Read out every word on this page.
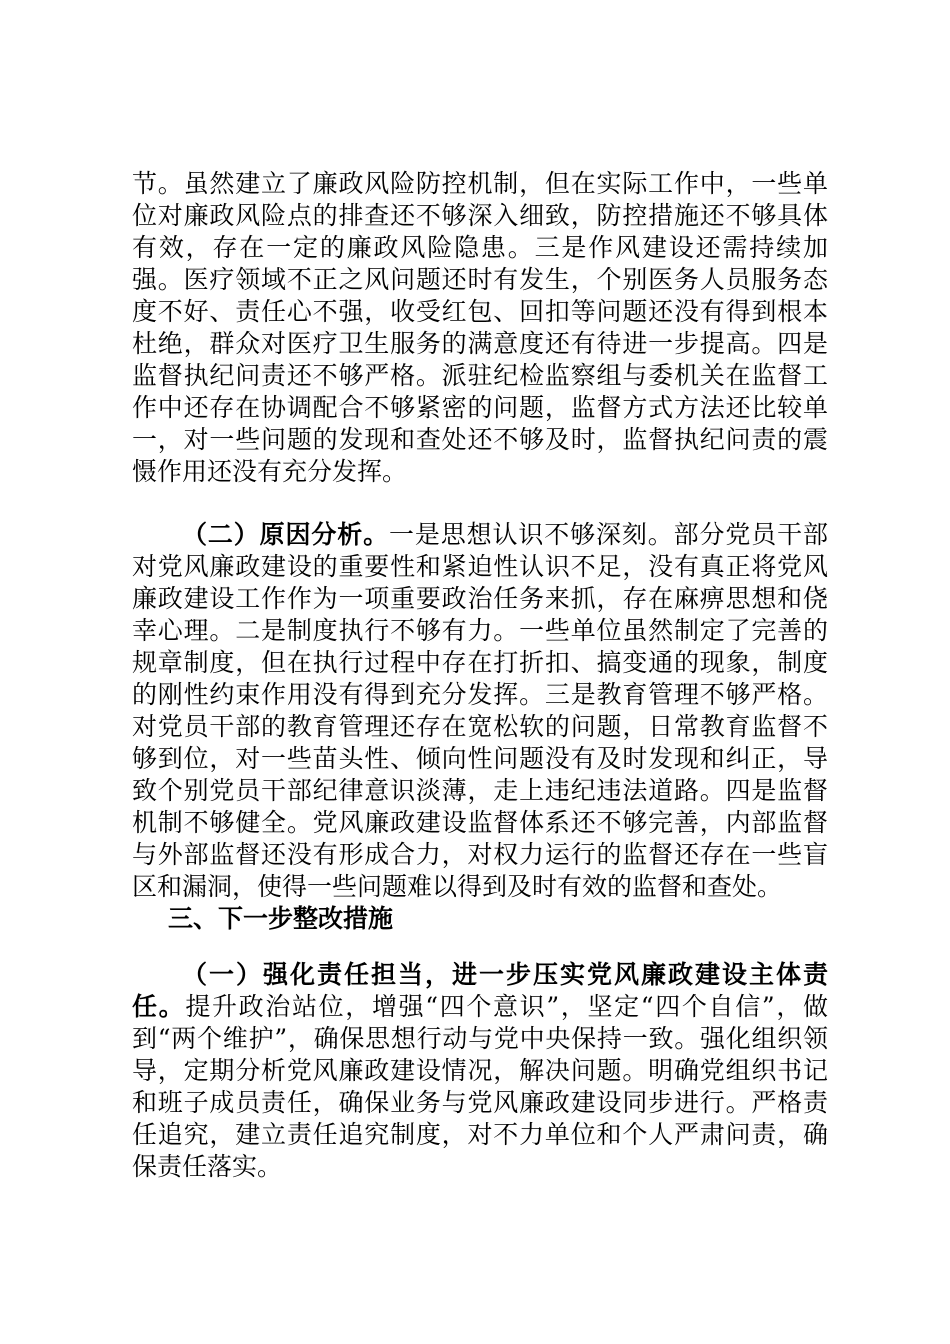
节。虽然建立了廉政风险防控机制，但在实际工作中，一些单位对廉政风险点的排查还不够深入细致，防控措施还不够具体有效，存在一定的廉政风险隐患。三是作风建设还需持续加强。医疗领域不正之风问题还时有发生，个别医务人员服务态度不好、责任心不强，收受红包、回扣等问题还没有得到根本杜绝，群众对医疗卫生服务的满意度还有待进一步提高。四是监督执纪问责还不够严格。派驻纪检监察组与委机关在监督工作中还存在协调配合不够紧密的问题，监督方式方法还比较单一，对一些问题的发现和查处还不够及时，监督执纪问责的震慑作用还没有充分发挥。

（二）原因分析。一是思想认识不够深刻。部分党员干部对党风廉政建设的重要性和紧迫性认识不足，没有真正将党风廉政建设工作作为一项重要政治任务来抓，存在麻痹思想和侥幸心理。二是制度执行不够有力。一些单位虽然制定了完善的规章制度，但在执行过程中存在打折扣、搞变通的现象，制度的刚性约束作用没有得到充分发挥。三是教育管理不够严格。对党员干部的教育管理还存在宽松软的问题，日常教育监督不够到位，对一些苗头性、倾向性问题没有及时发现和纠正，导致个别党员干部纪律意识淡薄，走上违纪违法道路。四是监督机制不够健全。党风廉政建设监督体系还不够完善，内部监督与外部监督还没有形成合力，对权力运行的监督还存在一些盲区和漏洞，使得一些问题难以得到及时有效的监督和查处。

三、下一步整改措施

（一）强化责任担当，进一步压实党风廉政建设主体责任。提升政治站位，增强“四个意识”，坚定“四个自信”，做到“两个维护”，确保思想行动与党中央保持一致。强化组织领导，定期分析党风廉政建设情况，解决问题。明确党组织书记和班子成员责任，确保业务与党风廉政建设同步进行。严格责任追究，建立责任追究制度，对不力单位和个人严肃问责，确保责任落实。
